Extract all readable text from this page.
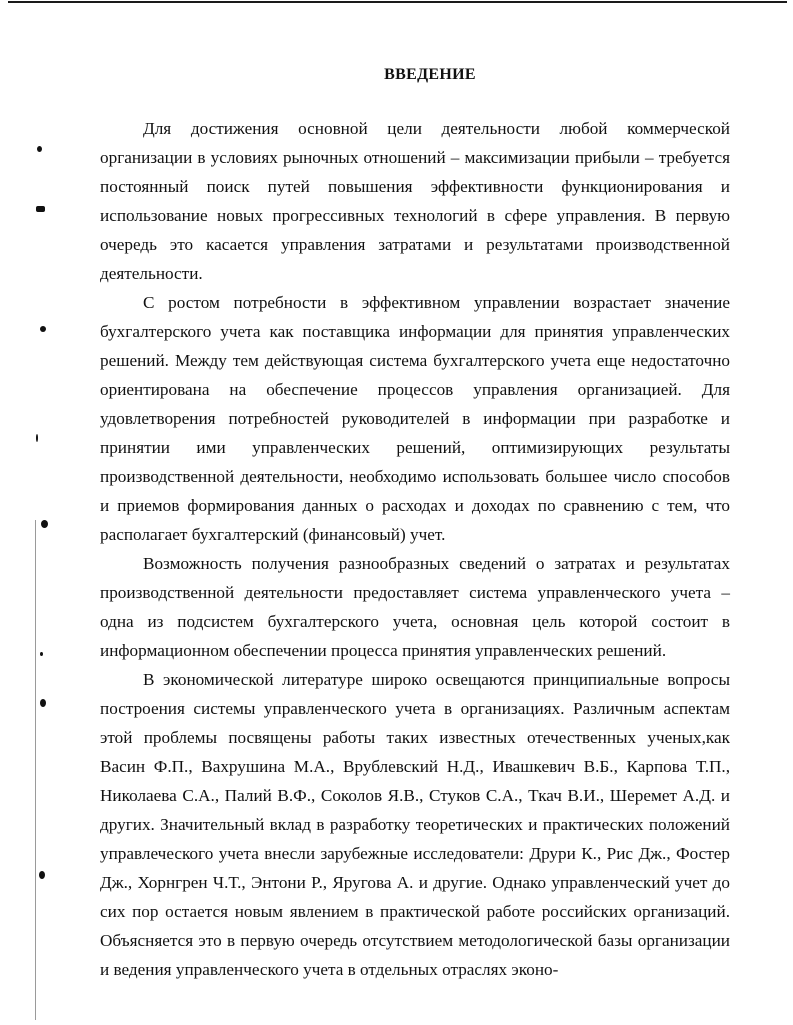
ВВЕДЕНИЕ

Для достижения основной цели деятельности любой коммерческой организации в условиях рыночных отношений – максимизации прибыли – требуется постоянный поиск путей повышения эффективности функционирования и использование новых прогрессивных технологий в сфере управления. В первую очередь это касается управления затратами и результатами производственной деятельности.

С ростом потребности в эффективном управлении возрастает значение бухгалтерского учета как поставщика информации для принятия управленческих решений. Между тем действующая система бухгалтерского учета еще недостаточно ориентирована на обеспечение процессов управления организацией. Для удовлетворения потребностей руководителей в информации при разработке и принятии ими управленческих решений, оптимизирующих результаты производственной деятельности, необходимо использовать большее число способов и приемов формирования данных о расходах и доходах по сравнению с тем, что располагает бухгалтерский (финансовый) учет.

Возможность получения разнообразных сведений о затратах и результатах производственной деятельности предоставляет система управленческого учета – одна из подсистем бухгалтерского учета, основная цель которой состоит в информационном обеспечении процесса принятия управленческих решений.

В экономической литературе широко освещаются принципиальные вопросы построения системы управленческого учета в организациях. Различным аспектам этой проблемы посвящены работы таких известных отечественных ученых,как Васин Ф.П., Вахрушина М.А., Врублевский Н.Д., Ивашкевич В.Б., Карпова Т.П., Николаева С.А., Палий В.Ф., Соколов Я.В., Стуков С.А., Ткач В.И., Шеремет А.Д. и других. Значительный вклад в разработку теоретических и практических положений управлеческого учета внесли зарубежные исследователи: Друри К., Рис Дж., Фостер Дж., Хорнгрен Ч.Т., Энтони Р., Яругова А. и другие. Однако управленческий учет до сих пор остается новым явлением в практической работе российских организаций. Объясняется это в первую очередь отсутствием методологической базы организации и ведения управленческого учета в отдельных отраслях эконо-
